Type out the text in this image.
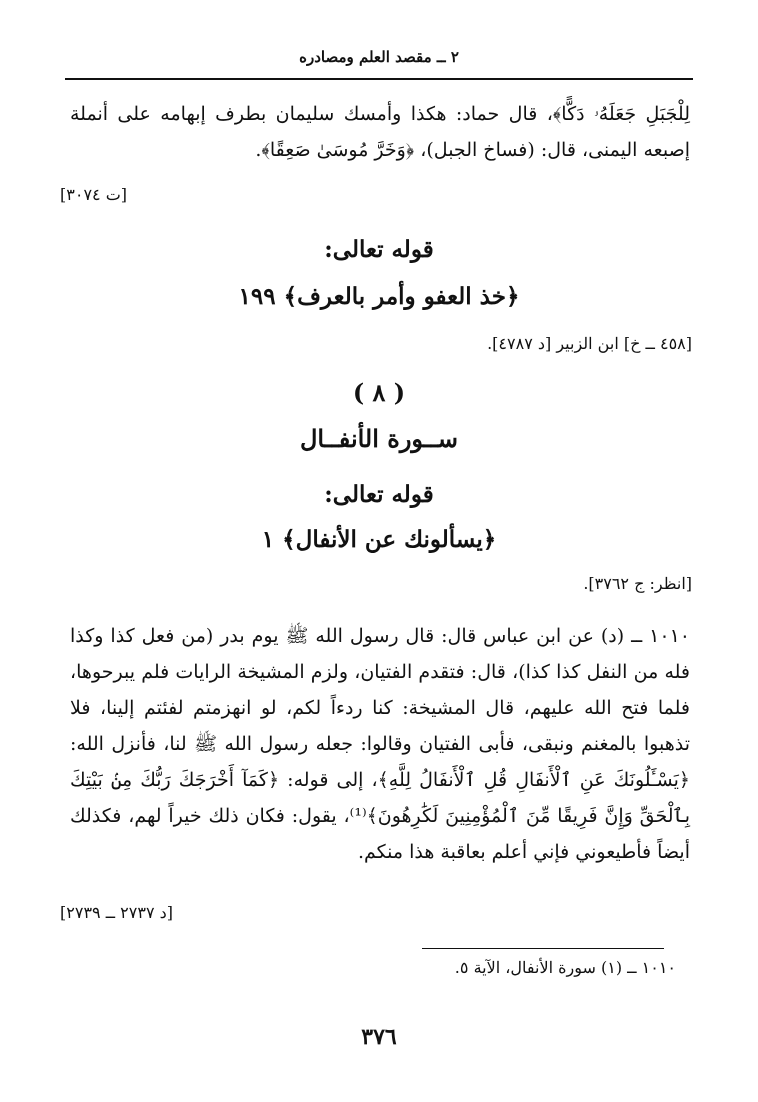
٢ ــ مقصد العلم ومصادره
لِلْجَبَلِ جَعَلَهُۥ دَكًّا﴾، قال حماد: هكذا وأمسك سليمان بطرف إبهامه على أنملة إصبعه اليمنى، قال: (فساخ الجبل)، ﴿وَخَرَّ مُوسَىٰ صَعِقًا﴾.
[ت ٣٠٧٤]
قوله تعالى:
﴿خذ العفو وأمر بالعرف﴾ ١٩٩
[٤٥٨ ــ خ] ابن الزبير [د ٤٧٨٧].
( ٨ )
ســورة الأنفــال
قوله تعالى:
﴿يسألونك عن الأنفال﴾ ١
[انظر: ج ٣٧٦٢].
١٠١٠ ــ (د) عن ابن عباس قال: قال رسول الله ﷺ يوم بدر (من فعل كذا وكذا فله من النفل كذا كذا)، قال: فتقدم الفتيان، ولزم المشيخة الرايات فلم يبرحوها، فلما فتح الله عليهم، قال المشيخة: كنا ردءاً لكم، لو انهزمتم لفئتم إلينا، فلا تذهبوا بالمغنم ونبقى، فأبى الفتيان وقالوا: جعله رسول الله ﷺ لنا، فأنزل الله: ﴿يَسْـَٔلُونَكَ عَنِ ٱلْأَنفَالِ قُلِ ٱلْأَنفَالُ لِلَّهِ﴾، إلى قوله: ﴿كَمَآ أَخْرَجَكَ رَبُّكَ مِنۢ بَيْتِكَ بِٱلْحَقِّ وَإِنَّ فَرِيقًا مِّنَ ٱلْمُؤْمِنِينَ لَكَٰرِهُونَ﴾⁽¹⁾، يقول: فكان ذلك خيراً لهم، فكذلك أيضاً فأطيعوني فإني أعلم بعاقبة هذا منكم.
[د ٢٧٣٧ ــ ٢٧٣٩]
١٠١٠ ــ (١) سورة الأنفال، الآية ٥.
٣٧٦
